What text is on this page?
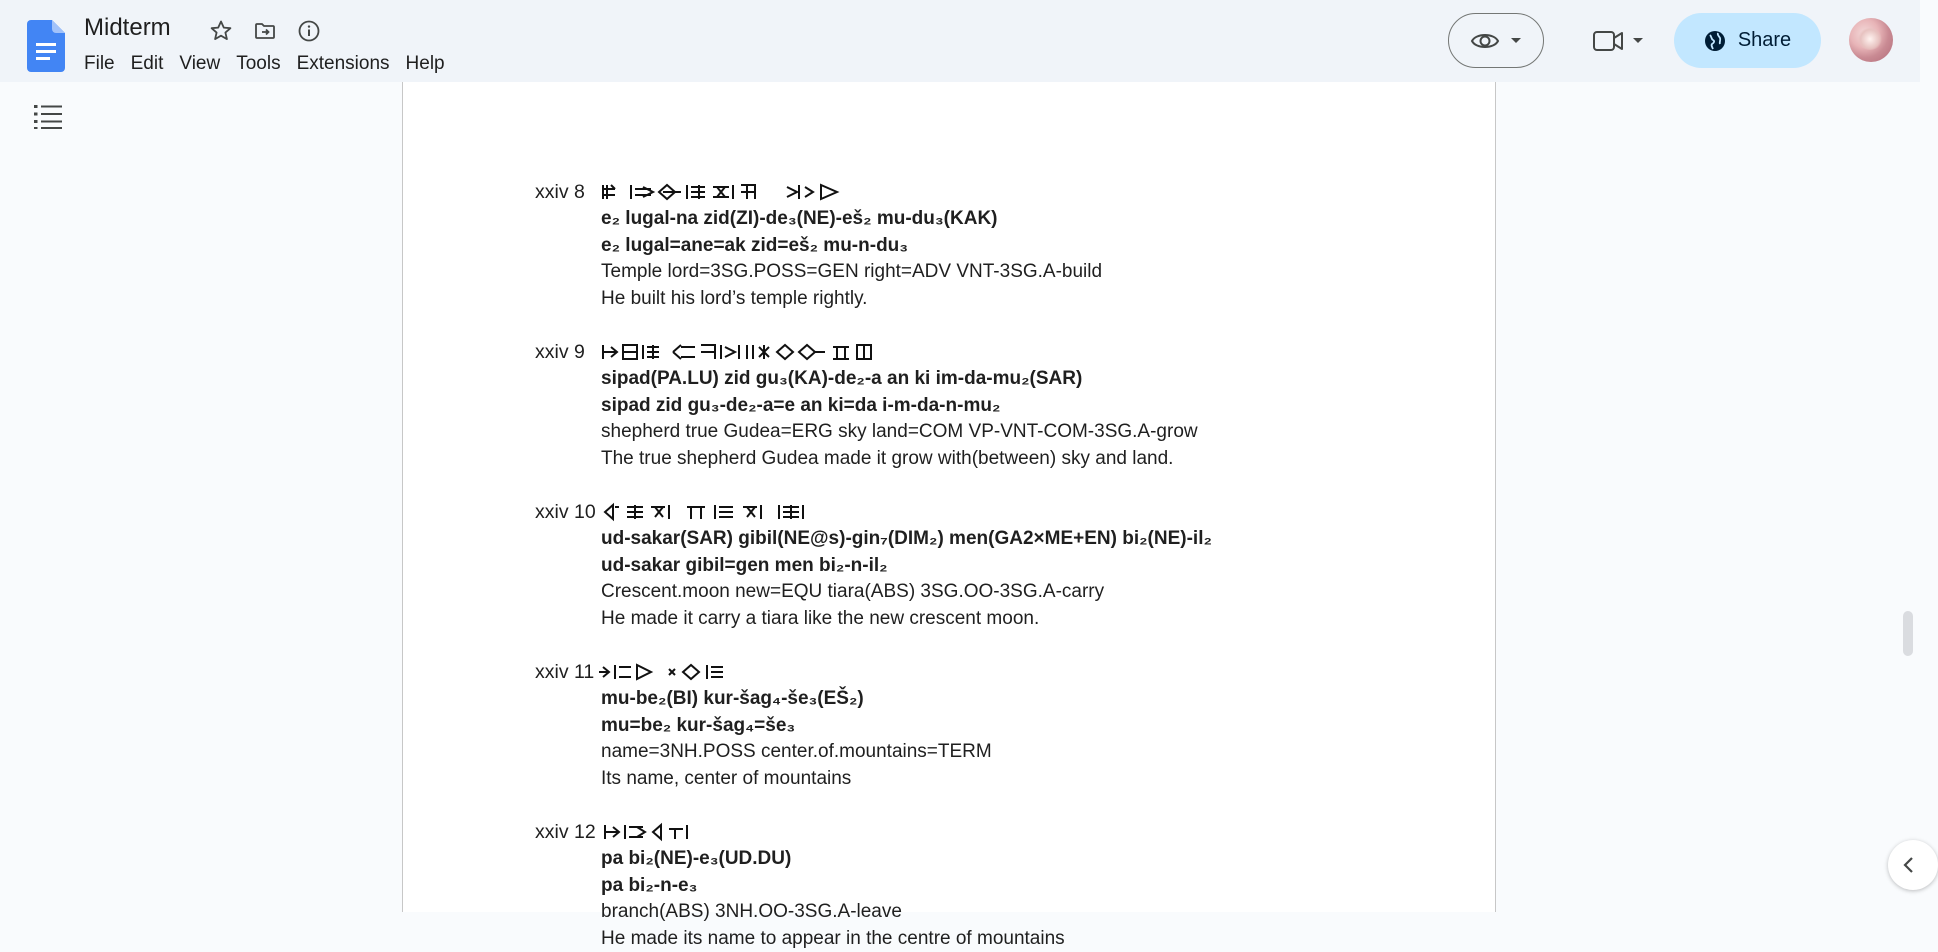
Midterm
File Edit View Tools Extensions Help
Share
xxiv 8
e₂ lugal-na zid(ZI)-de₃(NE)-eš₂ mu-du₃(KAK)
e₂ lugal=ane=ak zid=eš₂ mu-n-du₃
Temple lord=3SG.POSS=GEN right=ADV VNT-3SG.A-build
He built his lord’s temple rightly.
xxiv 9
sipad(PA.LU) zid gu₃(KA)-de₂-a an ki im-da-mu₂(SAR)
sipad zid gu₃-de₂-a=e an ki=da i-m-da-n-mu₂
shepherd true Gudea=ERG sky land=COM VP-VNT-COM-3SG.A-grow
The true shepherd Gudea made it grow with(between) sky and land.
xxiv 10
ud-sakar(SAR) gibil(NE@s)-gin₇(DIM₂) men(GA2×ME+EN) bi₂(NE)-il₂
ud-sakar gibil=gen men bi₂-n-il₂
Crescent.moon new=EQU tiara(ABS) 3SG.OO-3SG.A-carry
He made it carry a tiara like the new crescent moon.
xxiv 11
mu-be₂(BI) kur-šag₄-še₃(EŠ₂)
mu=be₂ kur-šag₄=še₃
name=3NH.POSS center.of.mountains=TERM
Its name, center of mountains
xxiv 12
pa bi₂(NE)-e₃(UD.DU)
pa bi₂-n-e₃
branch(ABS) 3NH.OO-3SG.A-leave
He made its name to appear in the centre of mountains
